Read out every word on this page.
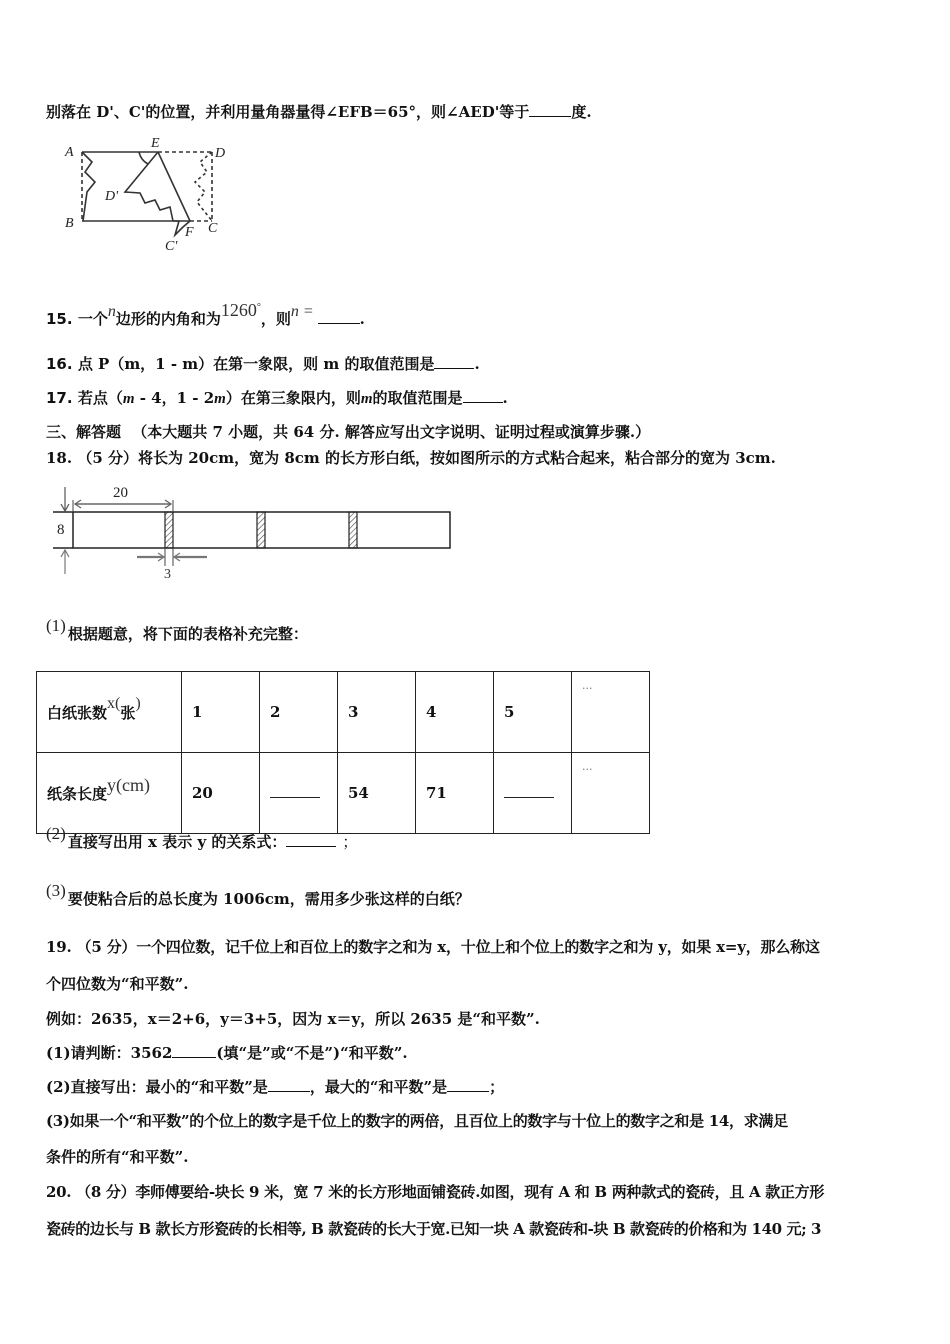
别落在 D'、C'的位置，并利用量角器量得∠EFB＝65°，则∠AED'等于	度.
A
E
D
D'
B
F C
C'
15. 一个n边形的内角和为1260°，则n =	.
16. 点 P（m，1 - m）在第一象限，则 m 的取值范围是	.
17. 若点（m - 4，1 - 2m）在第三象限内，则m的取值范围是	.
三、解答题 （本大题共 7 小题，共 64 分. 解答应写出文字说明、证明过程或演算步骤.）
18. （5 分）将长为 20cm，宽为 8cm 的长方形白纸，按如图所示的方式粘合起来，粘合部分的宽为 3cm.
20
8
3
(1) 根据题意，将下面的表格补充完整：
白纸张数x(张)	1	2	3	4	5	···
纸条长度y(cm)	20		54	71		···
(2) 直接写出用 x 表示 y 的关系式：	；
(3) 要使粘合后的总长度为 1006cm，需用多少张这样的白纸？
19. （5 分）一个四位数，记千位上和百位上的数字之和为 x，十位上和个位上的数字之和为 y，如果 x=y，那么称这
个四位数为“和平数”.
例如：2635，x＝2+6，y＝3+5，因为 x＝y，所以 2635 是“和平数”.
(1)请判断：3562	(填“是”或“不是”)“和平数”.
(2)直接写出：最小的“和平数”是	，最大的“和平数”是	；
(3)如果一个“和平数”的个位上的数字是千位上的数字的两倍，且百位上的数字与十位上的数字之和是 14，求满足
条件的所有“和平数”.
20. （8 分）李师傅要给-块长 9 米，宽 7 米的长方形地面铺瓷砖.如图，现有 A 和 B 两种款式的瓷砖，且 A 款正方形
瓷砖的边长与 B 款长方形瓷砖的长相等, B 款瓷砖的长大于宽.已知一块 A 款瓷砖和-块 B 款瓷砖的价格和为 140 元; 3
